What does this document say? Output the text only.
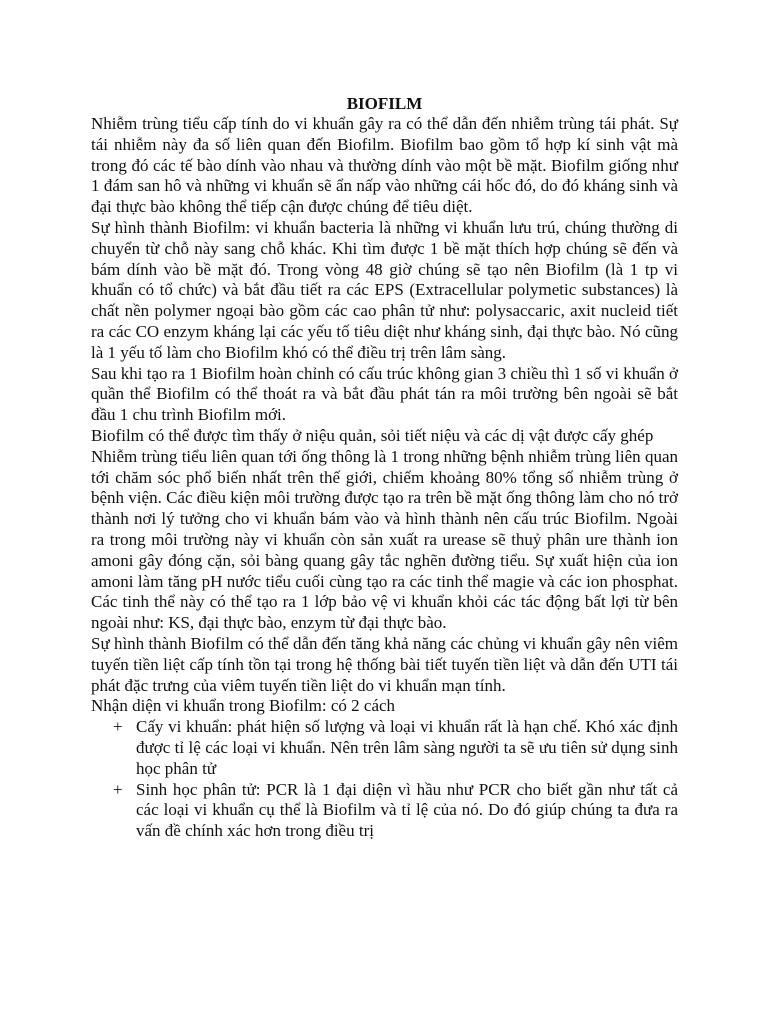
BIOFILM

Nhiễm trùng tiểu cấp tính do vi khuẩn gây ra có thể dẫn đến nhiễm trùng tái phát. Sự tái nhiễm này đa số liên quan đến Biofilm. Biofilm bao gồm tổ hợp kí sinh vật mà trong đó các tế bào dính vào nhau và thường dính vào một bề mặt. Biofilm giống như 1 đám san hô và những vi khuẩn sẽ ẩn nấp vào những cái hốc đó, do đó kháng sinh và đại thực bào không thể tiếp cận được chúng để tiêu diệt.

Sự hình thành Biofilm: vi khuẩn bacteria là những vi khuẩn lưu trú, chúng thường di chuyển từ chỗ này sang chỗ khác. Khi tìm được 1 bề mặt thích hợp chúng sẽ đến và bám dính vào bề mặt đó. Trong vòng 48 giờ chúng sẽ tạo nên Biofilm (là 1 tp vi khuẩn có tổ chức) và bắt đầu tiết ra các EPS (Extracellular polymetic substances) là chất nền polymer ngoại bào gồm các cao phân tử như: polysaccaric, axit nucleid tiết ra các CO enzym kháng lại các yếu tố tiêu diệt như kháng sinh, đại thực bào. Nó cũng là 1 yếu tố làm cho Biofilm khó có thể điều trị trên lâm sàng.

Sau khi tạo ra 1 Biofilm hoàn chỉnh có cấu trúc không gian 3 chiều thì 1 số vi khuẩn ở quần thể Biofilm có thể thoát ra và bắt đầu phát tán ra môi trường bên ngoài sẽ bắt đầu 1 chu trình Biofilm mới.

Biofilm có thể được tìm thấy ở niệu quản, sỏi tiết niệu và các dị vật được cấy ghép

Nhiễm trùng tiểu liên quan tới ống thông là 1 trong những bệnh nhiễm trùng liên quan tới chăm sóc phổ biến nhất trên thế giới, chiếm khoảng 80% tổng số nhiễm trùng ở bệnh viện. Các điều kiện môi trường được tạo ra trên bề mặt ống thông làm cho nó trở thành nơi lý tưởng cho vi khuẩn bám vào và hình thành nên cấu trúc Biofilm. Ngoài ra trong môi trường này vi khuẩn còn sản xuất ra urease sẽ thuỷ phân ure thành ion amoni gây đóng cặn, sỏi bàng quang gây tắc nghẽn đường tiểu. Sự xuất hiện của ion amoni làm tăng pH nước tiểu cuối cùng tạo ra các tinh thể magie và các ion phosphat. Các tinh thể này có thể tạo ra 1 lớp bảo vệ vi khuẩn khỏi các tác động bất lợi từ bên ngoài như: KS, đại thực bào, enzym từ đại thực bào.

Sự hình thành Biofilm có thể dẫn đến tăng khả năng các chủng vi khuẩn gây nên viêm tuyến tiền liệt cấp tính tồn tại trong hệ thống bài tiết tuyến tiền liệt và dẫn đến UTI tái phát đặc trưng của viêm tuyến tiền liệt do vi khuẩn mạn tính.

Nhận diện vi khuẩn trong Biofilm: có 2 cách

+ Cấy vi khuẩn: phát hiện số lượng và loại vi khuẩn rất là hạn chế. Khó xác định được tỉ lệ các loại vi khuẩn. Nên trên lâm sàng người ta sẽ ưu tiên sử dụng sinh học phân tử
+ Sinh học phân tử: PCR là 1 đại diện vì hầu như PCR cho biết gần như tất cả các loại vi khuẩn cụ thể là Biofilm và tỉ lệ của nó. Do đó giúp chúng ta đưa ra vấn đề chính xác hơn trong điều trị
